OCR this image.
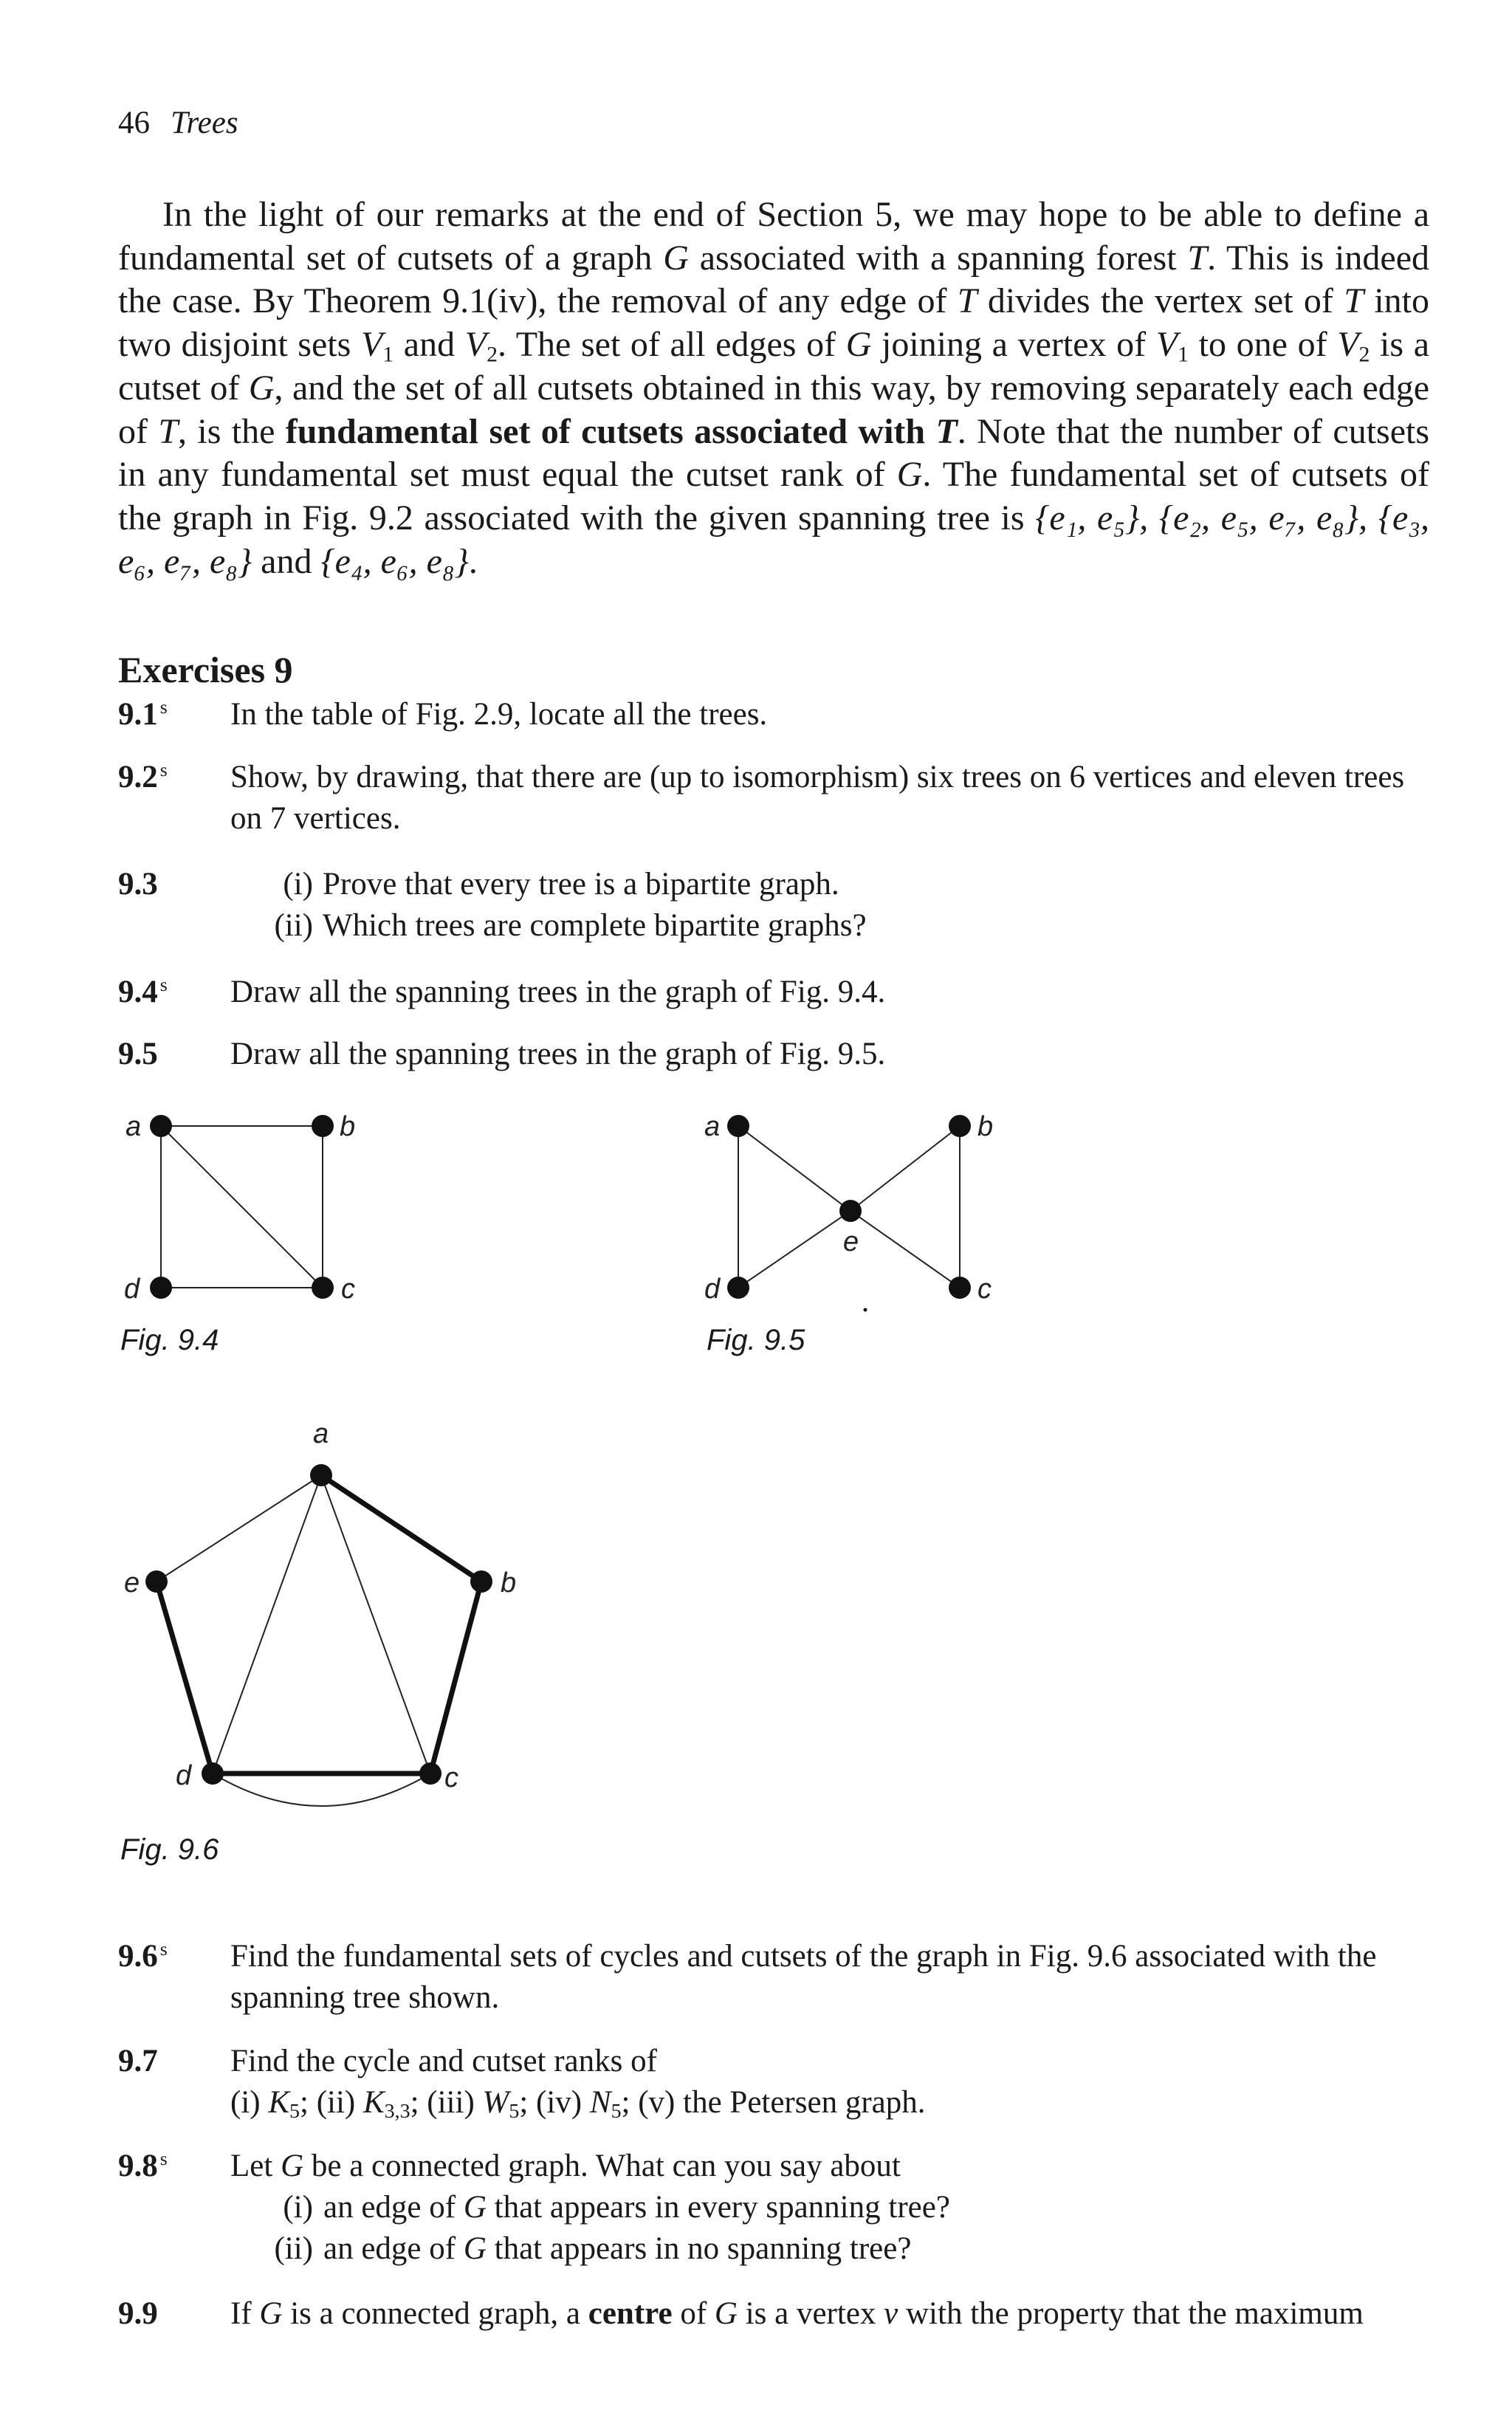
46 Trees

In the light of our remarks at the end of Section 5, we may hope to be able to define a fundamental set of cutsets of a graph G associated with a spanning forest T. This is indeed the case. By Theorem 9.1(iv), the removal of any edge of T divides the vertex set of T into two disjoint sets $V_1$ and $V_2$. The set of all edges of G joining a vertex of $V_1$ to one of $V_2$ is a cutset of G, and the set of all cutsets obtained in this way, by removing separately each edge of T, is the fundamental set of cutsets associated with T. Note that the number of cutsets in any fundamental set must equal the cutset rank of G. The fundamental set of cutsets of the graph in Fig. 9.2 associated with the given spanning tree is {e₁, e₅}, {e₂, e₅, e₇, e₈}, {e₃, e₆, e₇, e₈} and {e₄, e₆, e₈}.

Exercises 9
9.1 $^s$ In the table of Fig. 2.9, locate all the trees.
9.2 $^s$ Show, by drawing, that there are (up to isomorphism) six trees on 6 vertices and eleven trees on 7 vertices.
9.3	(i) Prove that every tree is a bipartite graph.
(ii) Which trees are complete bipartite graphs?
9.4 $^s$ Draw all the spanning trees in the graph of Fig. 9.4.
9.5 Draw all the spanning trees in the graph of Fig. 9.5.
a	b
c
d
Fig. 9.4
a	b
c
d
e
Fig. 9.5
a
b
c
d
e
Fig. 9.6
9.6 $^s$ Find the fundamental sets of cycles and cutsets of the graph in Fig. 9.6 associated with the spanning tree shown.
9.7 Find the cycle and cutset ranks of
(i) $K_5$; (ii) $K_{3,3}$; (iii) $W_5$; (iv) $N_5$; (v) the Petersen graph.
9.8 $^s$ Let G be a connected graph. What can you say about
(i) an edge of G that appears in every spanning tree?
(ii) an edge of G that appears in no spanning tree?
9.9 If G is a connected graph, a centre of G is a vertex v with the property that the maximum
